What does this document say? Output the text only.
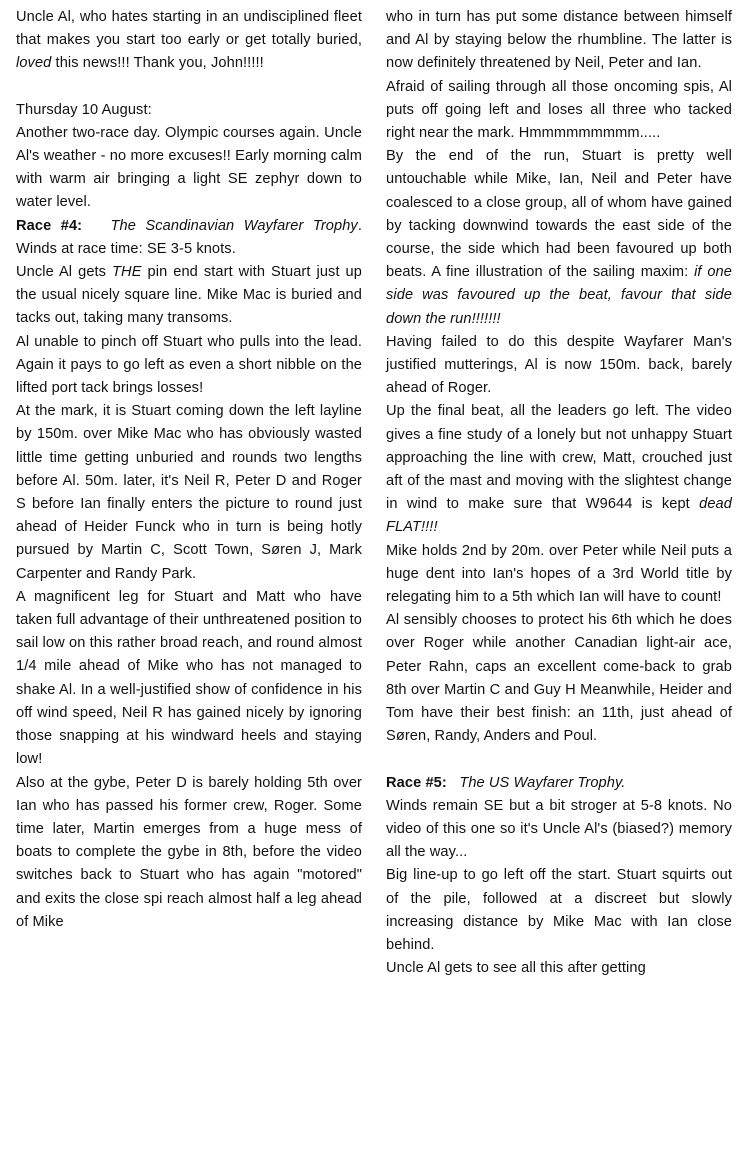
Uncle Al, who hates starting in an undisciplined fleet that makes you start too early or get totally buried, loved this news!!! Thank you, John!!!!!

Thursday 10 August:

Another two-race day. Olympic courses again. Uncle Al's weather - no more excuses!! Early morning calm with warm air bringing a light SE zephyr down to water level.

Race #4: The Scandinavian Wayfarer Trophy. Winds at race time: SE 3-5 knots.

Uncle Al gets THE pin end start with Stuart just up the usual nicely square line. Mike Mac is buried and tacks out, taking many transoms.

Al unable to pinch off Stuart who pulls into the lead. Again it pays to go left as even a short nibble on the lifted port tack brings losses!

At the mark, it is Stuart coming down the left layline by 150m. over Mike Mac who has obviously wasted little time getting unburied and rounds two lengths before Al. 50m. later, it's Neil R, Peter D and Roger S before Ian finally enters the picture to round just ahead of Heider Funck who in turn is being hotly pursued by Martin C, Scott Town, Søren J, Mark Carpenter and Randy Park.

A magnificent leg for Stuart and Matt who have taken full advantage of their unthreatened position to sail low on this rather broad reach, and round almost 1/4 mile ahead of Mike who has not managed to shake Al. In a well-justified show of confidence in his off wind speed, Neil R has gained nicely by ignoring those snapping at his windward heels and staying low!

Also at the gybe, Peter D is barely holding 5th over Ian who has passed his former crew, Roger. Some time later, Martin emerges from a huge mess of boats to complete the gybe in 8th, before the video switches back to Stuart who has again "motored" and exits the close spi reach almost half a leg ahead of Mike

who in turn has put some distance between himself and Al by staying below the rhumbline. The latter is now definitely threatened by Neil, Peter and Ian.

Afraid of sailing through all those oncoming spis, Al puts off going left and loses all three who tacked right near the mark. Hmmmmmmmmm.....

By the end of the run, Stuart is pretty well untouchable while Mike, Ian, Neil and Peter have coalesced to a close group, all of whom have gained by tacking downwind towards the east side of the course, the side which had been favoured up both beats. A fine illustration of the sailing maxim: if one side was favoured up the beat, favour that side down the run!!!!!!!

Having failed to do this despite Wayfarer Man's justified mutterings, Al is now 150m. back, barely ahead of Roger.

Up the final beat, all the leaders go left. The video gives a fine study of a lonely but not unhappy Stuart approaching the line with crew, Matt, crouched just aft of the mast and moving with the slightest change in wind to make sure that W9644 is kept dead FLAT!!!!

Mike holds 2nd by 20m. over Peter while Neil puts a huge dent into Ian's hopes of a 3rd World title by relegating him to a 5th which Ian will have to count!

Al sensibly chooses to protect his 6th which he does over Roger while another Canadian light-air ace, Peter Rahn, caps an excellent come-back to grab 8th over Martin C and Guy H Meanwhile, Heider and Tom have their best finish: an 11th, just ahead of Søren, Randy, Anders and Poul.

Race #5: The US Wayfarer Trophy.

Winds remain SE but a bit stroger at 5-8 knots. No video of this one so it's Uncle Al's (biased?) memory all the way...

Big line-up to go left off the start. Stuart squirts out of the pile, followed at a discreet but slowly increasing distance by Mike Mac with Ian close behind.

Uncle Al gets to see all this after getting
